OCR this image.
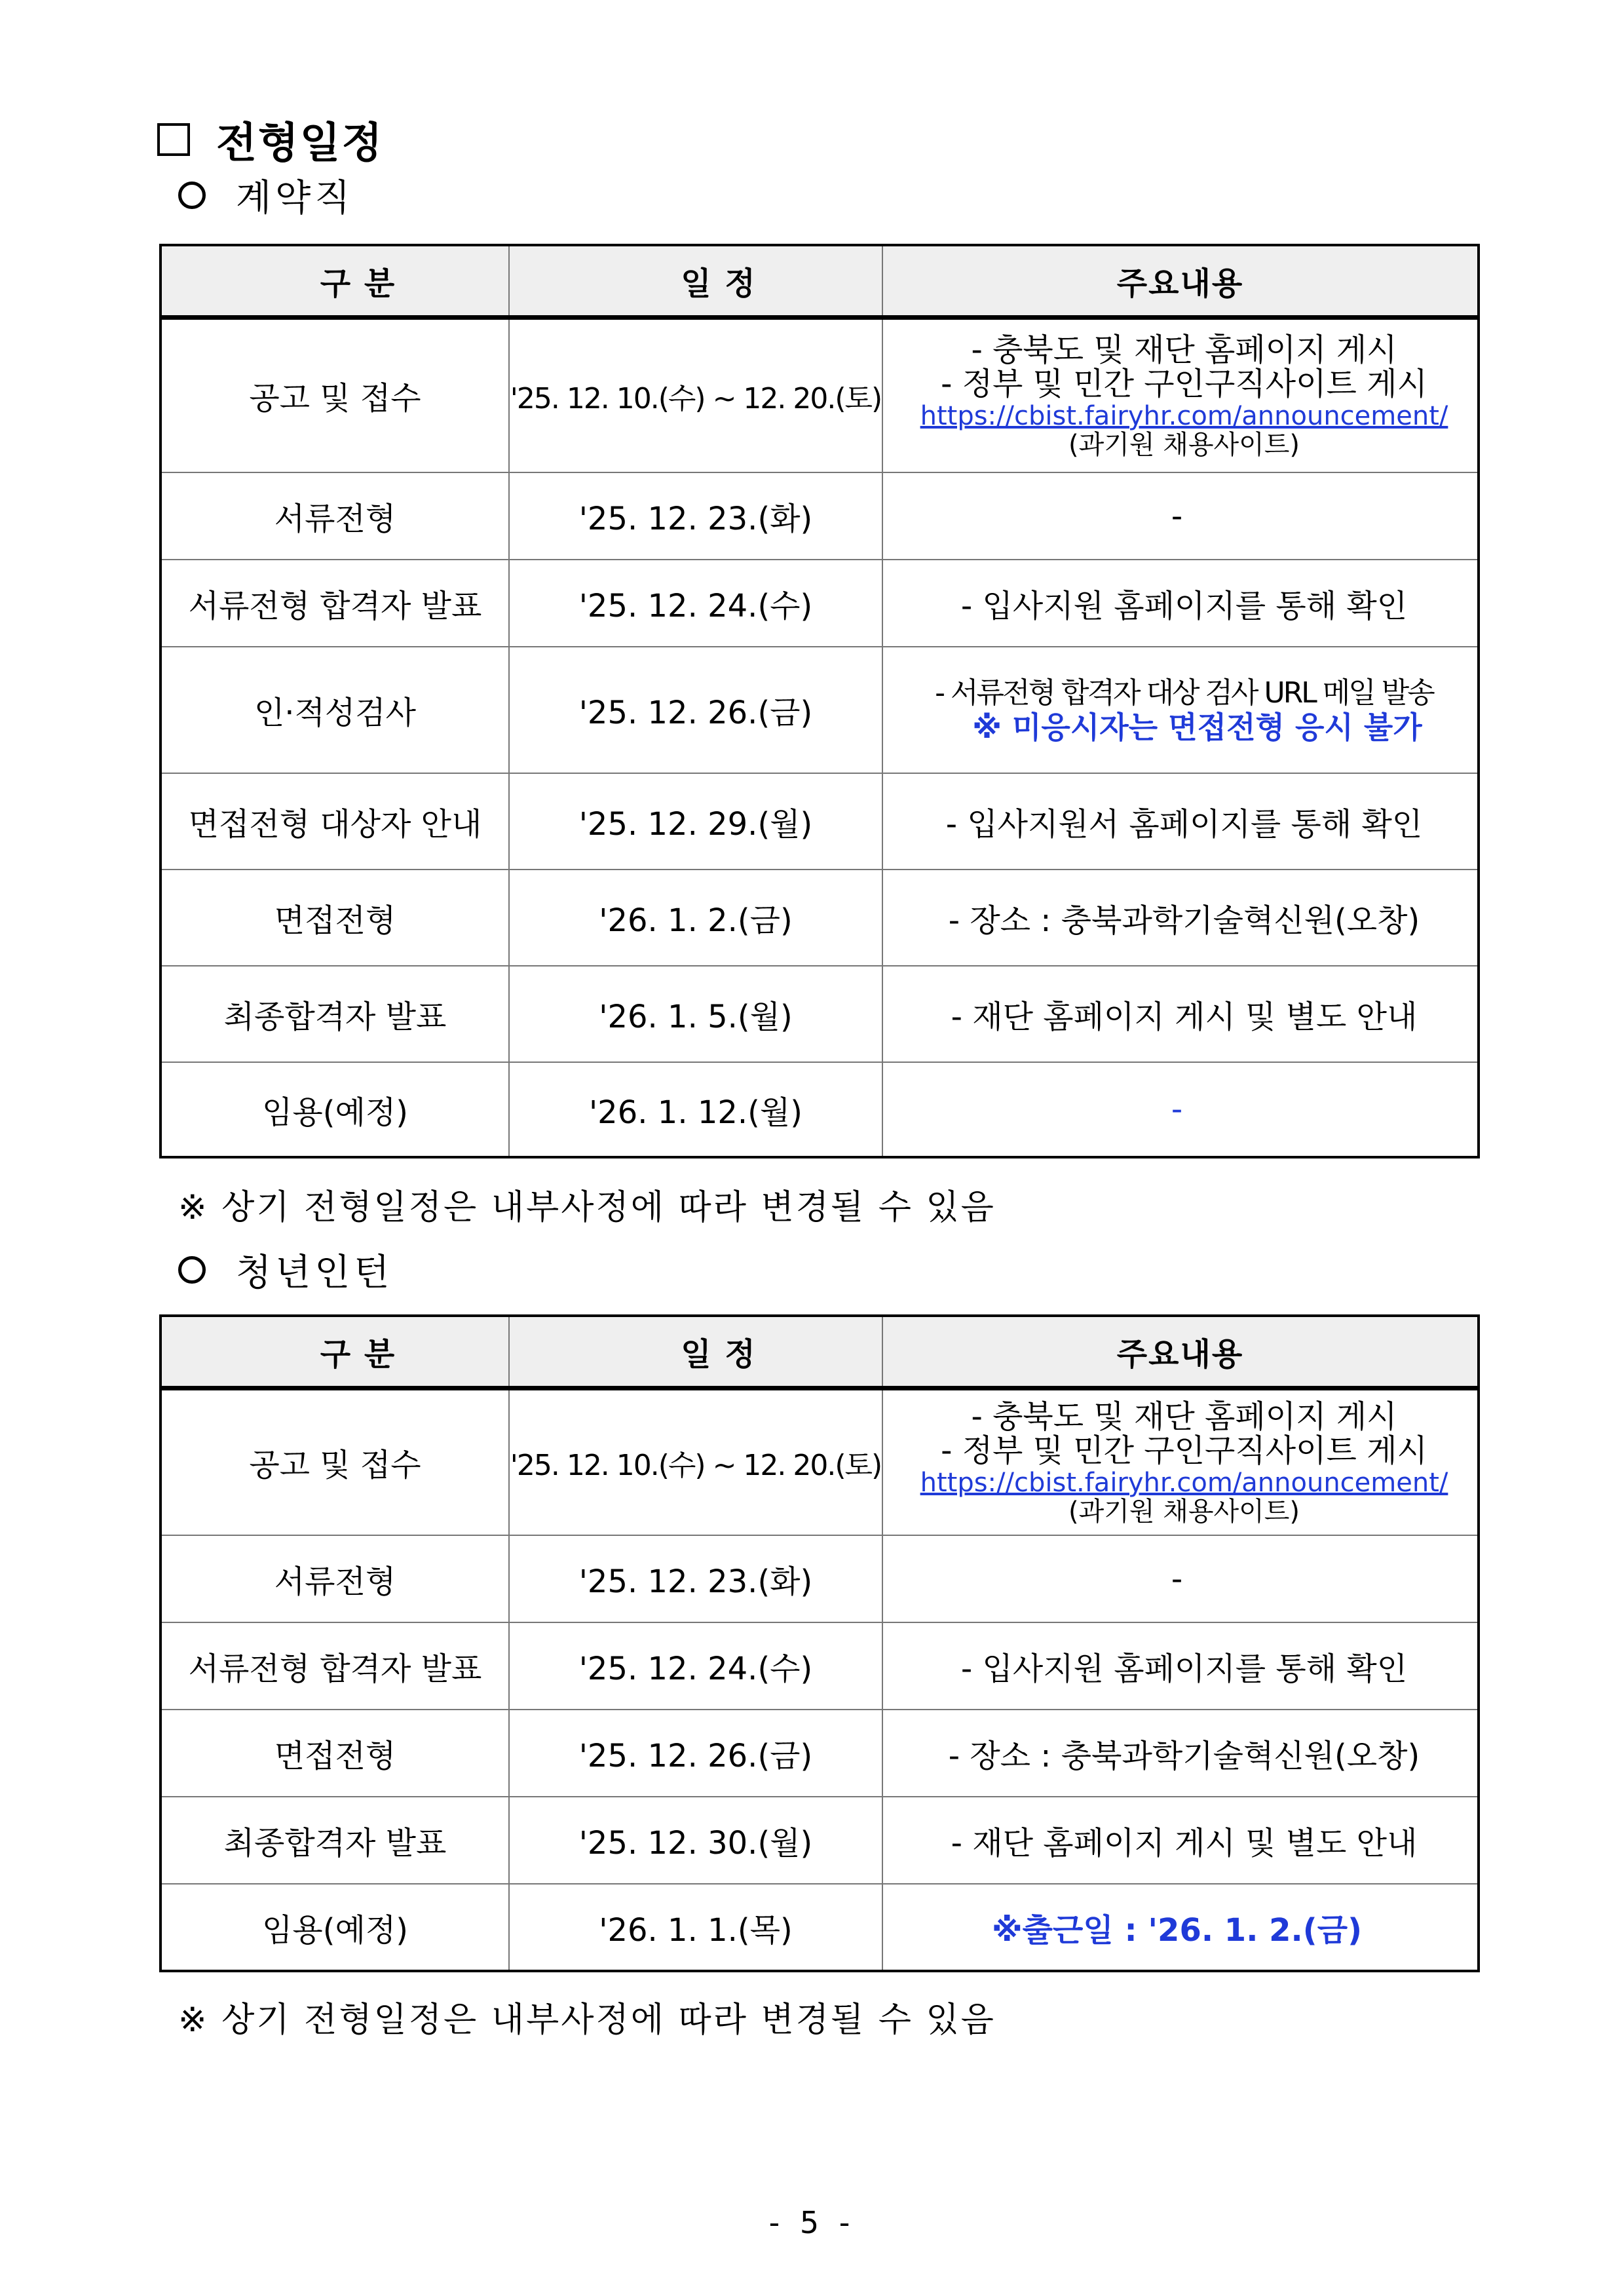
전형일정
계약직
구 분	일 정	주요내용
공고 및 접수	'25. 12. 10.(수) ~ 12. 20.(토)	- 충북도 및 재단 홈페이지 게시
- 정부 및 민간 구인구직사이트 게시
https://cbist.fairyhr.com/announcement/
(과기원 채용사이트)

서류전형	'25. 12. 23.(화)	-
서류전형 합격자 발표	'25. 12. 24.(수)	- 입사지원 홈페이지를 통해 확인
인·적성검사	'25. 12. 26.(금)	- 서류전형 합격자 대상 검사 URL 메일 발송
※ 미응시자는 면접전형 응시 불가

면접전형 대상자 안내	'25. 12. 29.(월)	- 입사지원서 홈페이지를 통해 확인
면접전형	'26. 1. 2.(금)	- 장소 : 충북과학기술혁신원(오창)
최종합격자 발표	'26. 1. 5.(월)	- 재단 홈페이지 게시 및 별도 안내
임용(예정)	'26. 1. 12.(월)	-
※ 상기 전형일정은 내부사정에 따라 변경될 수 있음
청년인턴
구 분	일 정	주요내용
공고 및 접수	'25. 12. 10.(수) ~ 12. 20.(토)	- 충북도 및 재단 홈페이지 게시
- 정부 및 민간 구인구직사이트 게시
https://cbist.fairyhr.com/announcement/
(과기원 채용사이트)

서류전형	'25. 12. 23.(화)	-
서류전형 합격자 발표	'25. 12. 24.(수)	- 입사지원 홈페이지를 통해 확인
면접전형	'25. 12. 26.(금)	- 장소 : 충북과학기술혁신원(오창)
최종합격자 발표	'25. 12. 30.(월)	- 재단 홈페이지 게시 및 별도 안내
임용(예정)	'26. 1. 1.(목)	※출근일 : '26. 1. 2.(금)
※ 상기 전형일정은 내부사정에 따라 변경될 수 있음
- 5 -
